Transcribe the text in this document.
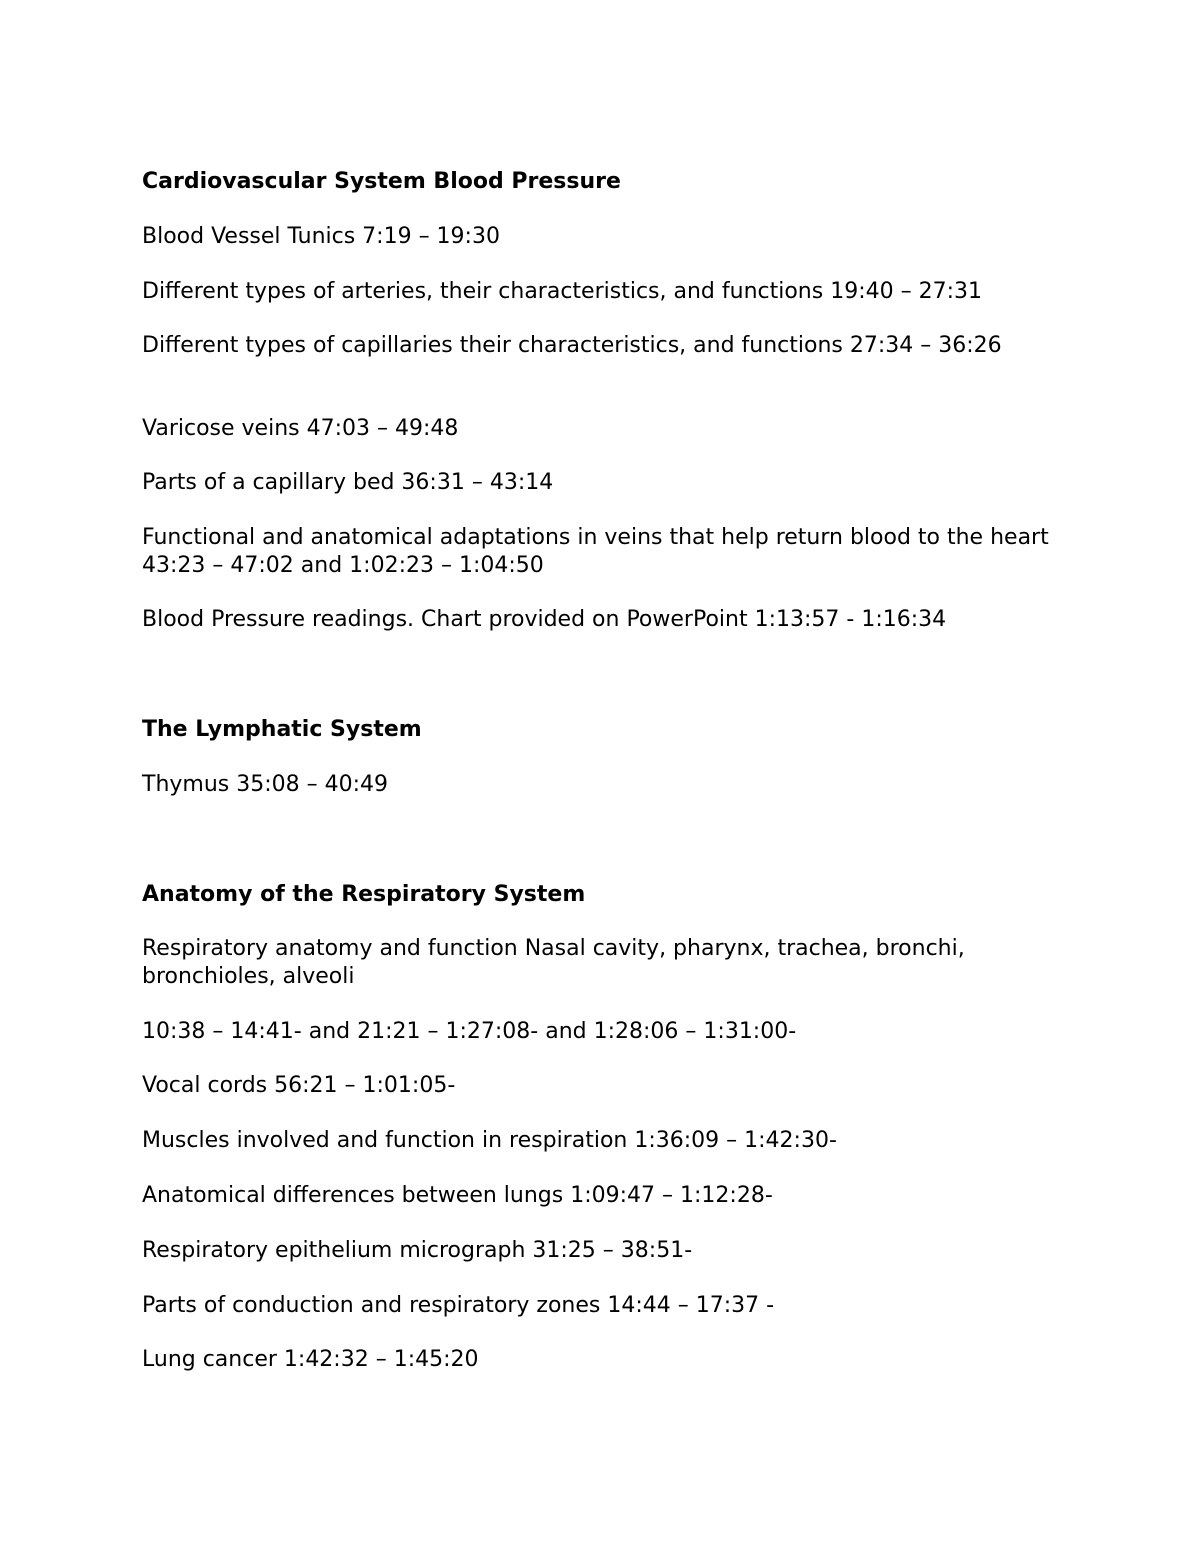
Cardiovascular System Blood Pressure
Blood Vessel Tunics 7:19 – 19:30
Different types of arteries, their characteristics, and functions 19:40 – 27:31
Different types of capillaries their characteristics, and functions 27:34 – 36:26
Varicose veins 47:03 – 49:48
Parts of a capillary bed 36:31 – 43:14
Functional and anatomical adaptations in veins that help return blood to the heart 43:23 – 47:02 and 1:02:23 – 1:04:50
Blood Pressure readings. Chart provided on PowerPoint 1:13:57 - 1:16:34
The Lymphatic System
Thymus 35:08 – 40:49
Anatomy of the Respiratory System
Respiratory anatomy and function Nasal cavity, pharynx, trachea, bronchi, bronchioles, alveoli
10:38 – 14:41- and 21:21 – 1:27:08- and 1:28:06 – 1:31:00-
Vocal cords 56:21 – 1:01:05-
Muscles involved and function in respiration 1:36:09 – 1:42:30-
Anatomical differences between lungs 1:09:47 – 1:12:28-
Respiratory epithelium micrograph 31:25 – 38:51-
Parts of conduction and respiratory zones 14:44 – 17:37 -
Lung cancer 1:42:32 – 1:45:20
